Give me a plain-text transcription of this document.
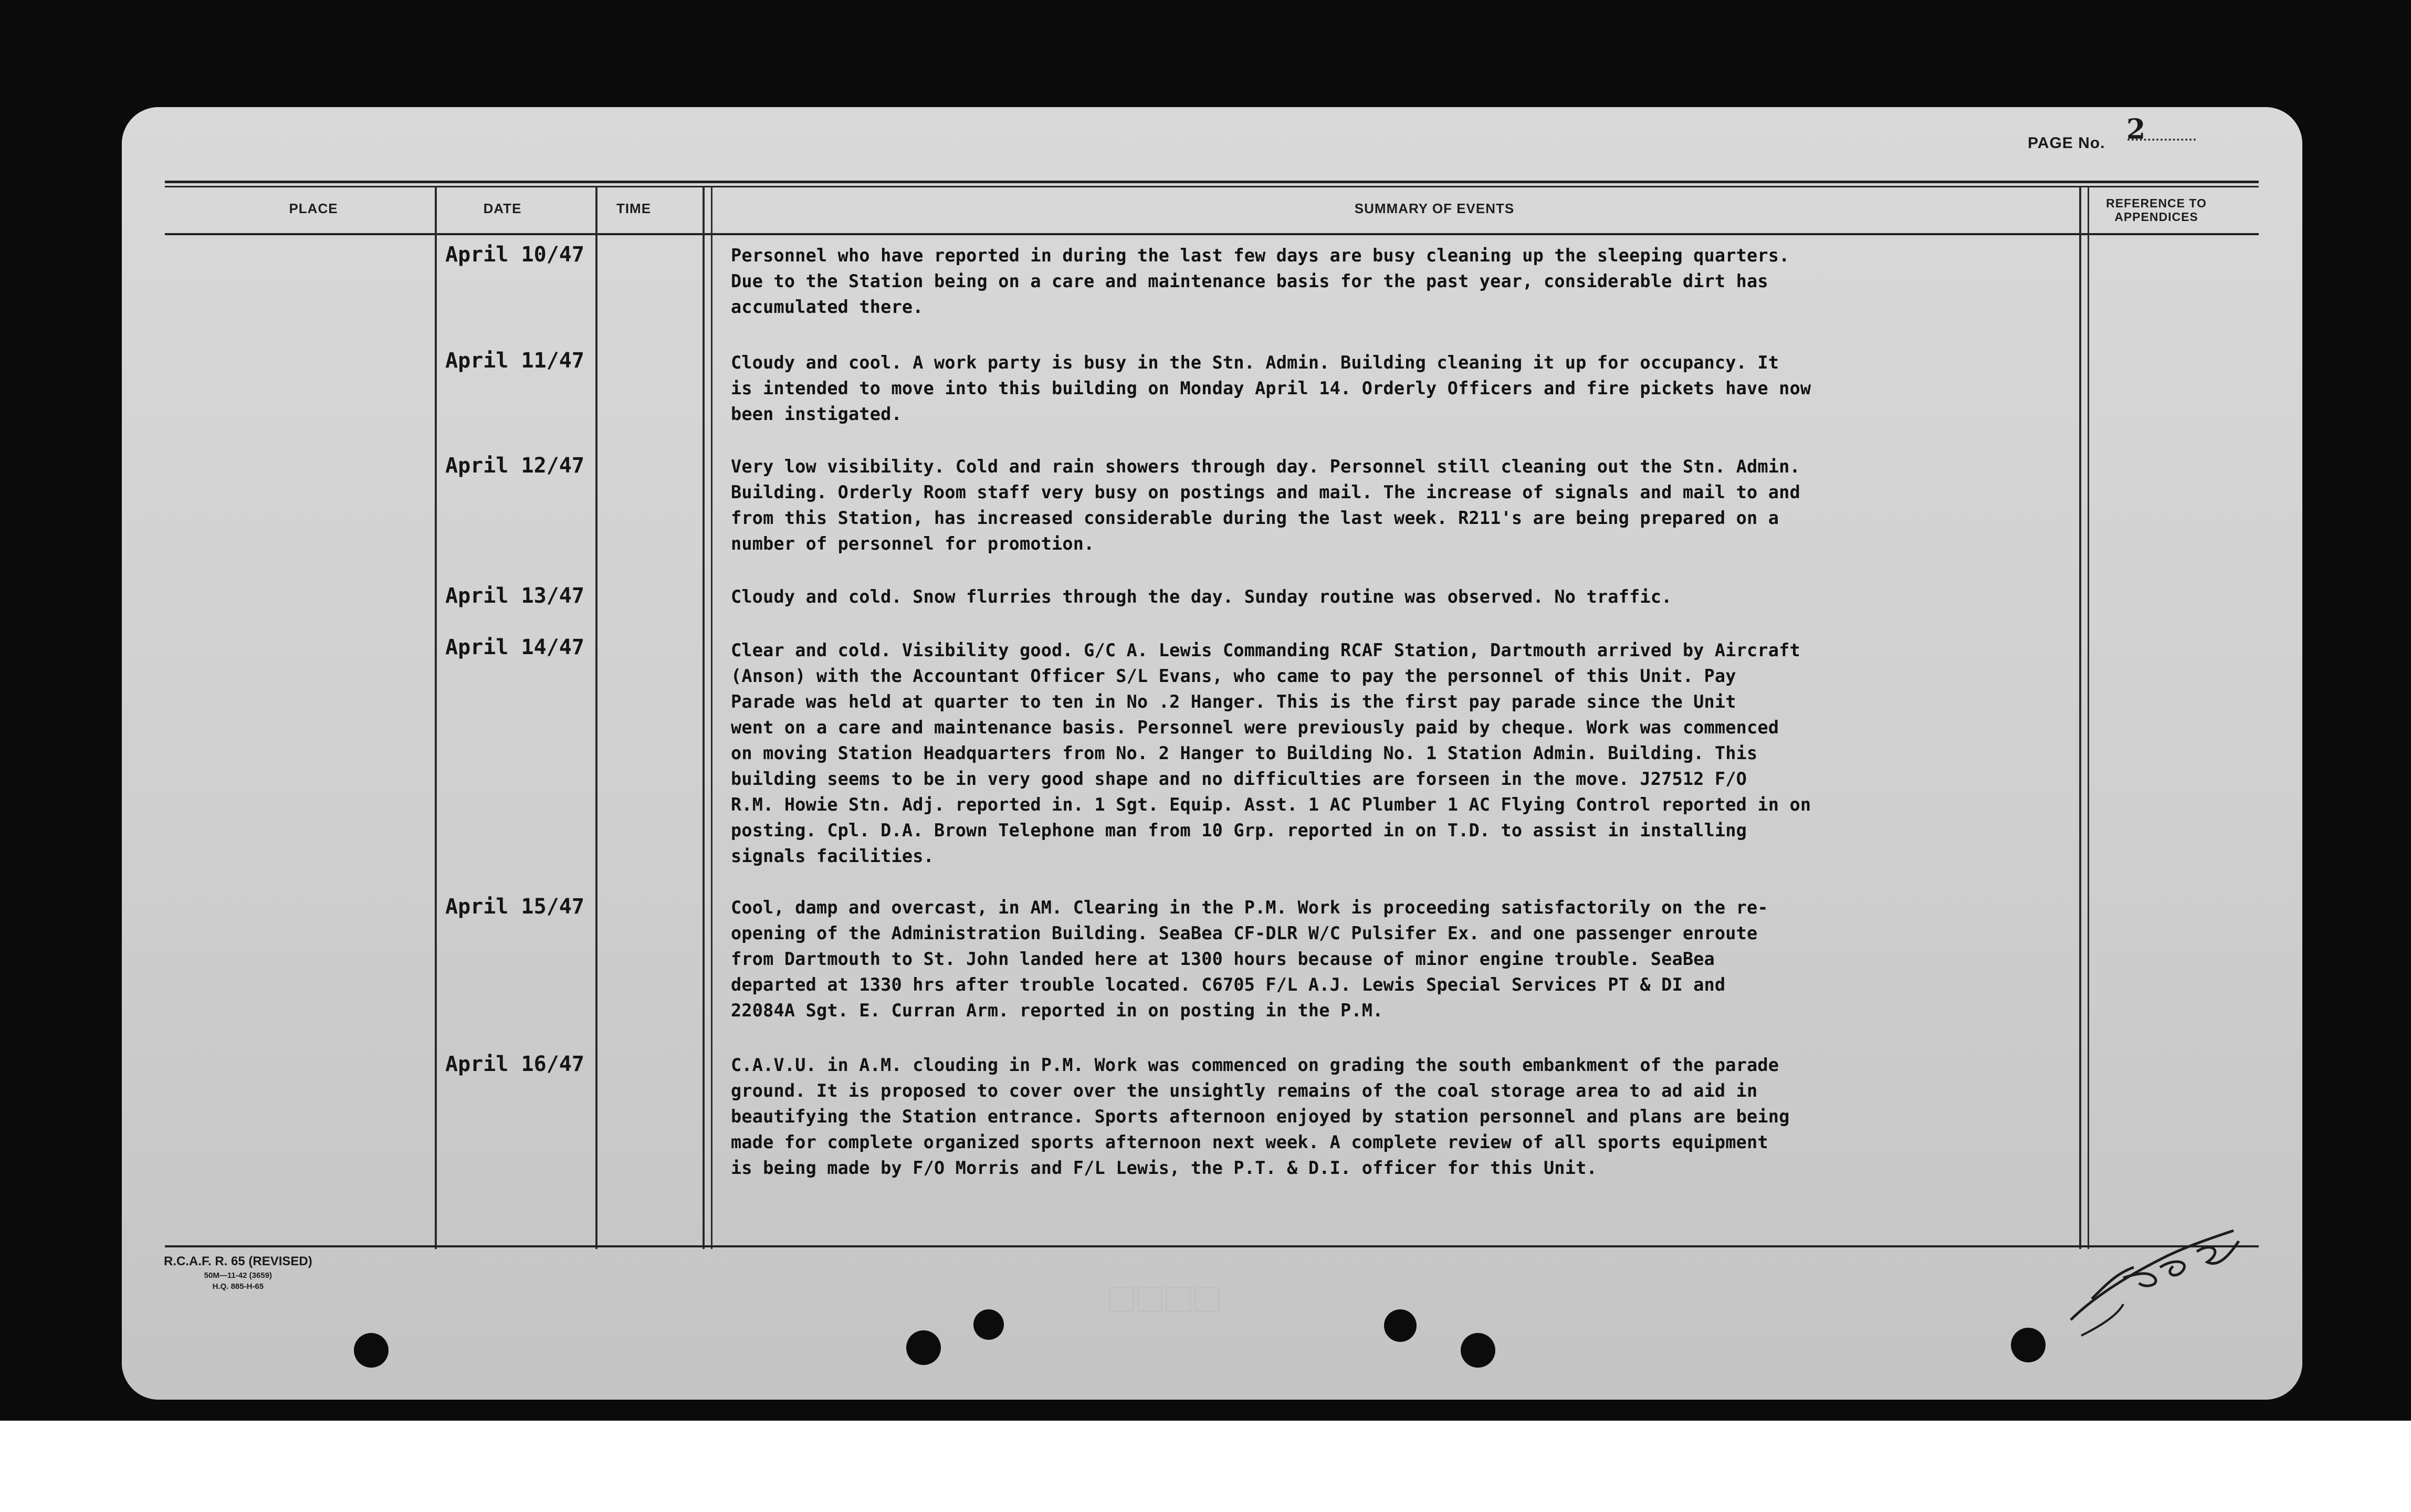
PAGE No. 2
PLACE	DATE	TIME	SUMMARY OF EVENTS	REFERENCE TO APPENDICES
April 10/47	Personnel who have reported in during the last few days are busy cleaning up the sleeping quarters.
Due to the Station being on a care and maintenance basis for the past year, considerable dirt has
accumulated there.
April 11/47	Cloudy and cool. A work party is busy in the Stn. Admin. Building cleaning it up for occupancy. It
is intended to move into this building on Monday April 14. Orderly Officers and fire pickets have now
been instigated.
April 12/47	Very low visibility. Cold and rain showers through day. Personnel still cleaning out the Stn. Admin.
Building. Orderly Room staff very busy on postings and mail. The increase of signals and mail to and
from this Station, has increased considerable during the last week. R211's are being prepared on a
number of personnel for promotion.
April 13/47	Cloudy and cold. Snow flurries through the day. Sunday routine was observed. No traffic.
April 14/47	Clear and cold. Visibility good. G/C A. Lewis Commanding RCAF Station, Dartmouth arrived by Aircraft
(Anson) with the Accountant Officer S/L Evans, who came to pay the personnel of this Unit. Pay
Parade was held at quarter to ten in No .2 Hanger. This is the first pay parade since the Unit
went on a care and maintenance basis. Personnel were previously paid by cheque. Work was commenced
on moving Station Headquarters from No. 2 Hanger to Building No. 1 Station Admin. Building. This
building seems to be in very good shape and no difficulties are forseen in the move. J27512 F/O
R.M. Howie Stn. Adj. reported in. 1 Sgt. Equip. Asst. 1 AC Plumber 1 AC Flying Control reported in on
posting. Cpl. D.A. Brown Telephone man from 10 Grp. reported in on T.D. to assist in installing
signals facilities.
April 15/47	Cool, damp and overcast, in AM. Clearing in the P.M. Work is proceeding satisfactorily on the re-
opening of the Administration Building. SeaBea CF-DLR W/C Pulsifer Ex. and one passenger enroute
from Dartmouth to St. John landed here at 1300 hours because of minor engine trouble. SeaBea
departed at 1330 hrs after trouble located. C6705 F/L A.J. Lewis Special Services PT & DI and
22084A Sgt. E. Curran Arm. reported in on posting in the P.M.
April 16/47	C.A.V.U. in A.M. clouding in P.M. Work was commenced on grading the south embankment of the parade
ground. It is proposed to cover over the unsightly remains of the coal storage area to ad aid in
beautifying the Station entrance. Sports afternoon enjoyed by station personnel and plans are being
made for complete organized sports afternoon next week. A complete review of all sports equipment
is being made by F/O Morris and F/L Lewis, the P.T. & D.I. officer for this Unit.
R.C.A.F. R. 65 (REVISED)
50M—11-42 (3659)
H.Q. 885-H-65	□□□□
